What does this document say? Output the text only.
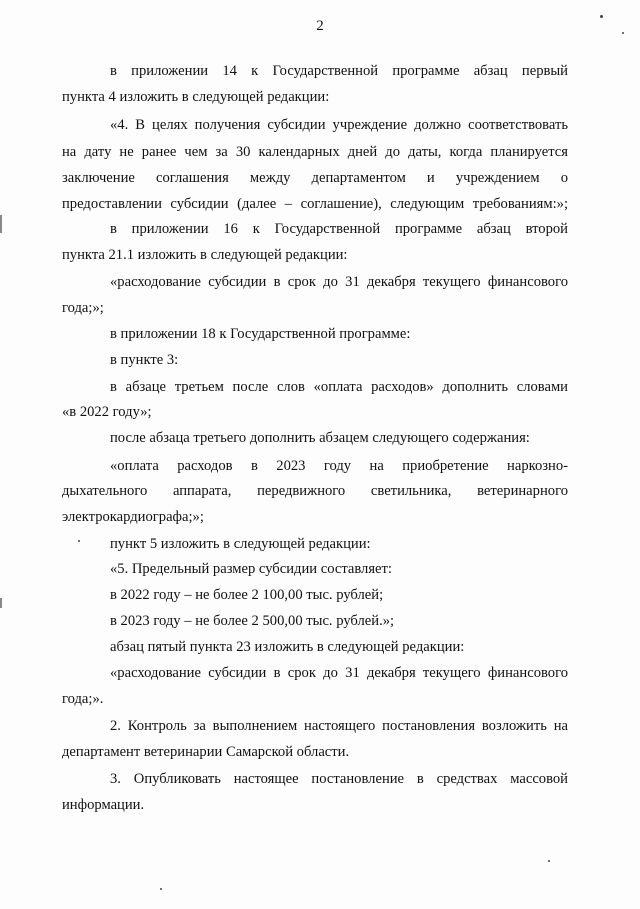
2
в приложении 14 к Государственной программе абзац первый
пункта 4 изложить в следующей редакции:
«4. В целях получения субсидии учреждение должно соответствовать
на дату не ранее чем за 30 календарных дней до даты, когда планируется
заключение соглашения между департаментом и учреждением о
предоставлении субсидии (далее – соглашение), следующим требованиям:»;
в приложении 16 к Государственной программе абзац второй
пункта 21.1 изложить в следующей редакции:
«расходование субсидии в срок до 31 декабря текущего финансового
года;»;
в приложении 18 к Государственной программе:
в пункте 3:
в абзаце третьем после слов «оплата расходов» дополнить словами
«в 2022 году»;
после абзаца третьего дополнить абзацем следующего содержания:
«оплата расходов в 2023 году на приобретение наркозно-
дыхательного аппарата, передвижного светильника, ветеринарного
электрокардиографа;»;
пункт 5 изложить в следующей редакции:
«5. Предельный размер субсидии составляет:
в 2022 году – не более 2 100,00 тыс. рублей;
в 2023 году – не более 2 500,00 тыс. рублей.»;
абзац пятый пункта 23 изложить в следующей редакции:
«расходование субсидии в срок до 31 декабря текущего финансового
года;».
2. Контроль за выполнением настоящего постановления возложить на
департамент ветеринарии Самарской области.
3. Опубликовать настоящее постановление в средствах массовой
информации.
